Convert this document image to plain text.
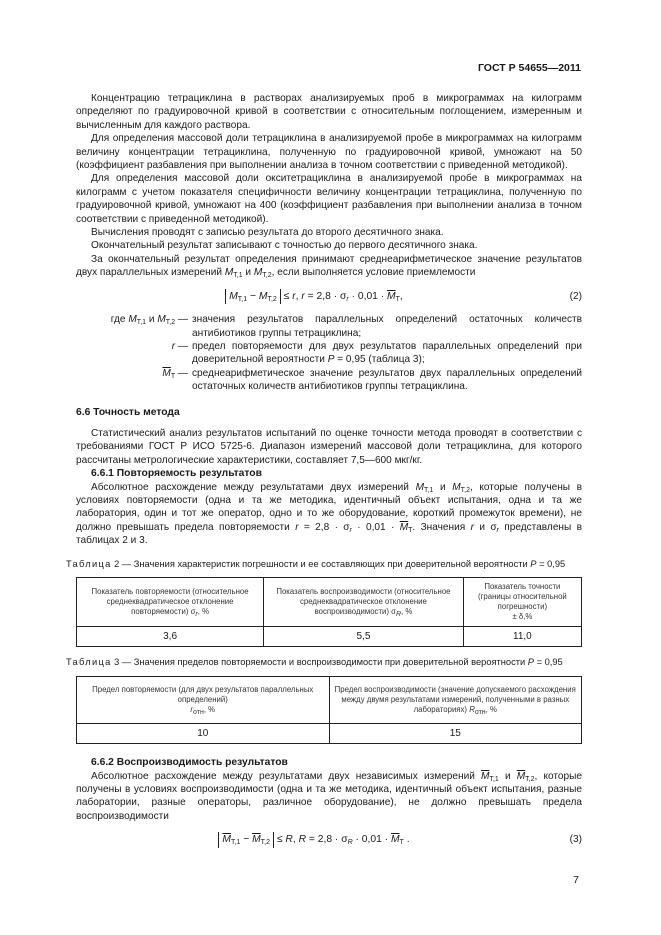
ГОСТ Р 54655—2011

Концентрацию тетрациклина в растворах анализируемых проб в микрограммах на килограмм определяют по градуировочной кривой в соответствии с относительным поглощением, измеренным и вычисленным для каждого раствора.

Для определения массовой доли тетрациклина в анализируемой пробе в микрограммах на килограмм величину концентрации тетрациклина, полученную по градуировочной кривой, умножают на 50 (коэффициент разбавления при выполнении анализа в точном соответствии с приведенной методикой).

Для определения массовой доли окситетрациклина в анализируемой пробе в микрограммах на килограмм с учетом показателя специфичности величину концентрации тетрациклина, полученную по градуировочной кривой, умножают на 400 (коэффициент разбавления при выполнении анализа в точном соответствии с приведенной методикой).

Вычисления проводят с записью результата до второго десятичного знака.

Окончательный результат записывают с точностью до первого десятичного знака.

За окончательный результат определения принимают среднеарифметическое значение результатов двух параллельных измерений $M_{Т,1}$ и $M_{Т,2}$, если выполняется условие приемлемости

$M_{Т,1} - M_{Т,2} \le r$, $r = 2,8 \cdot \sigma_r \cdot 0,01 \cdot \overline{M}_Т$,	(2)
где $M_{Т,1}$ и $M_{Т,2}$ — значения результатов параллельных определений остаточных количеств антибиотиков группы тетрациклина;
r — предел повторяемости для двух результатов параллельных определений при доверительной вероятности P = 0,95 (таблица 3);
$\overline{M}_Т$ — среднеарифметическое значение результатов двух параллельных определений остаточных количеств антибиотиков группы тетрациклина.
6.6 Точность метода

Статистический анализ результатов испытаний по оценке точности метода проводят в соответствии с требованиями ГОСТ Р ИСО 5725-6. Диапазон измерений массовой доли тетрациклина, для которого рассчитаны метрологические характеристики, составляет 7,5—600 мкг/кг.

6.6.1 Повторяемость результатов

Абсолютное расхождение между результатами двух измерений $M_{Т,1}$ и $M_{Т,2}$, которые получены в условиях повторяемости (одна и та же методика, идентичный объект испытания, одна и та же лаборатория, один и тот же оператор, одно и то же оборудование, короткий промежуток времени), не должно превышать предела повторяемости $r = 2,8 \cdot \sigma_r \cdot 0,01 \cdot \overline{M}_Т$. Значения r и $\sigma_r$ представлены в таблицах 2 и 3.

Таблица 2 — Значения характеристик погрешности и ее составляющих при доверительной вероятности P = 0,95
Показатель повторяемости (относительное среднеквадратическое отклонение повторяемости) $\sigma_r$, %	Показатель воспроизводимости (относительное среднеквадратическое отклонение воспроизводимости) $\sigma_R$, %	Показатель точности (границы относительной погрешности)
± δ,%
3,6	5,5	11,0
Таблица 3 — Значения пределов повторяемости и воспроизводимости при доверительной вероятности P = 0,95
Предел повторяемости (для двух результатов параллельных определений)
$r_{отн}$, %	Предел воспроизводимости (значение допускаемого расхождения между двумя результатами измерений, полученными в разных лабораториях) $R_{отн}$, %
10	15
6.6.2 Воспроизводимость результатов

Абсолютное расхождение между результатами двух независимых измерений $\overline{M}_{Т,1}$ и $\overline{M}_{Т,2}$, которые получены в условиях воспроизводимости (одна и та же методика, идентичный объект испытания, разные лаборатории, разные операторы, различное оборудование), не должно превышать предела воспроизводимости

$\overline{M}_{Т,1} - \overline{M}_{Т,2} \le R$, $R = 2,8 \cdot \sigma_R \cdot 0,01 \cdot \overline{M}_Т$ .	(3)
7
